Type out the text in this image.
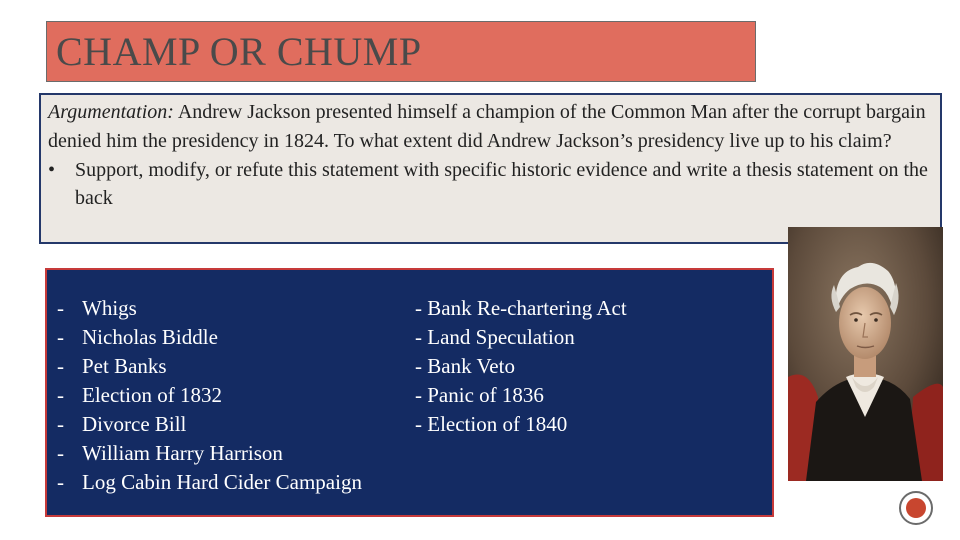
CHAMP OR CHUMP
Argumentation: Andrew Jackson presented himself a champion of the Common Man after the corrupt bargain denied him the presidency in 1824. To what extent did Andrew Jackson’s presidency live up to his claim?
• Support, modify, or refute this statement with specific historic evidence and write a thesis statement on the back
- Whigs
- Nicholas Biddle
- Pet Banks
- Election of 1832
- Divorce Bill
- William Harry Harrison
- Log Cabin Hard Cider Campaign
-
Bank Re-chartering Act
-
Land Speculation
-
Bank Veto
-
Panic of 1836
-
Election of 1840
